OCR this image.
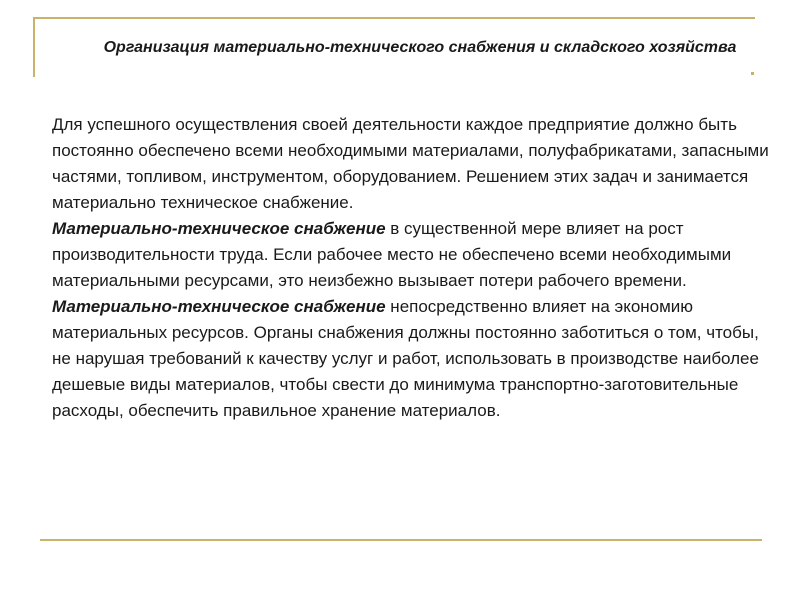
Организация материально-технического снабжения и складского хозяйства

Для успешного осуществления своей деятельности каждое предприятие должно быть постоянно обеспечено всеми необходимыми материалами, полуфабрикатами, запасными частями, топливом, инструментом, оборудованием. Решением этих задач и занимается материально техническое снабжение.

Материально-техническое снабжение в существенной мере влияет на рост производительности труда. Если рабочее место не обеспечено всеми необходимыми материальными ресурсами, это неизбежно вызывает потери рабочего времени.

Материально-техническое снабжение непосредственно влияет на экономию материальных ресурсов. Органы снабжения должны постоянно заботиться о том, чтобы, не нарушая требований к качеству услуг и работ, использовать в производстве наиболее дешевые виды материалов, чтобы свести до минимума транспортно-заготовительные расходы, обеспечить правильное хранение материалов.
